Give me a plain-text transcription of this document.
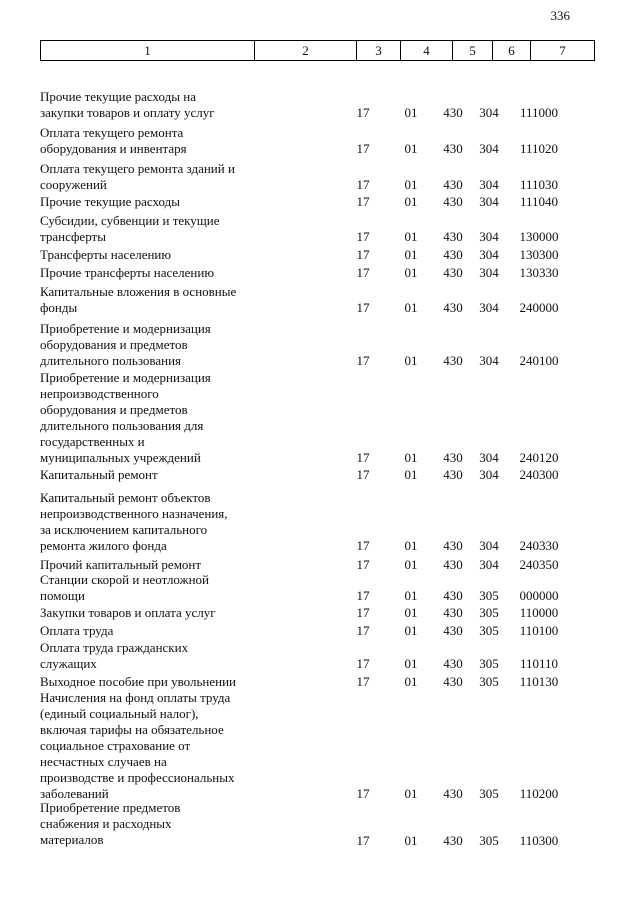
336
1	2	3	4	5	6	7
Прочие текущие расходы на
закупки товаров и оплату услуг	17	01	430	304	111000
Оплата текущего ремонта
оборудования и инвентаря	17	01	430	304	111020
Оплата текущего ремонта зданий и
сооружений	17	01	430	304	111030
Прочие текущие расходы	17	01	430	304	111040
Субсидии, субвенции и текущие
трансферты	17	01	430	304	130000
Трансферты населению	17	01	430	304	130300
Прочие трансферты населению	17	01	430	304	130330
Капитальные вложения в основные
фонды	17	01	430	304	240000
Приобретение и модернизация
оборудования и предметов
длительного пользования	17	01	430	304	240100
Приобретение и модернизация
непроизводственного
оборудования и предметов
длительного пользования для
государственных и
муниципальных учреждений	17	01	430	304	240120
Капитальный ремонт	17	01	430	304	240300
Капитальный ремонт объектов
непроизводственного назначения,
за исключением капитального
ремонта жилого фонда	17	01	430	304	240330
Прочий капитальный ремонт	17	01	430	304	240350
Станции скорой и неотложной
помощи	17	01	430	305	000000
Закупки товаров и оплата услуг	17	01	430	305	110000
Оплата труда	17	01	430	305	110100
Оплата труда гражданских
служащих	17	01	430	305	110110
Выходное пособие при увольнении	17	01	430	305	110130
Начисления на фонд оплаты труда
(единый социальный налог),
включая тарифы на обязательное
социальное страхование от
несчастных случаев на
производстве и профессиональных
заболеваний	17	01	430	305	110200
Приобретение предметов
снабжения и расходных
материалов	17	01	430	305	110300
